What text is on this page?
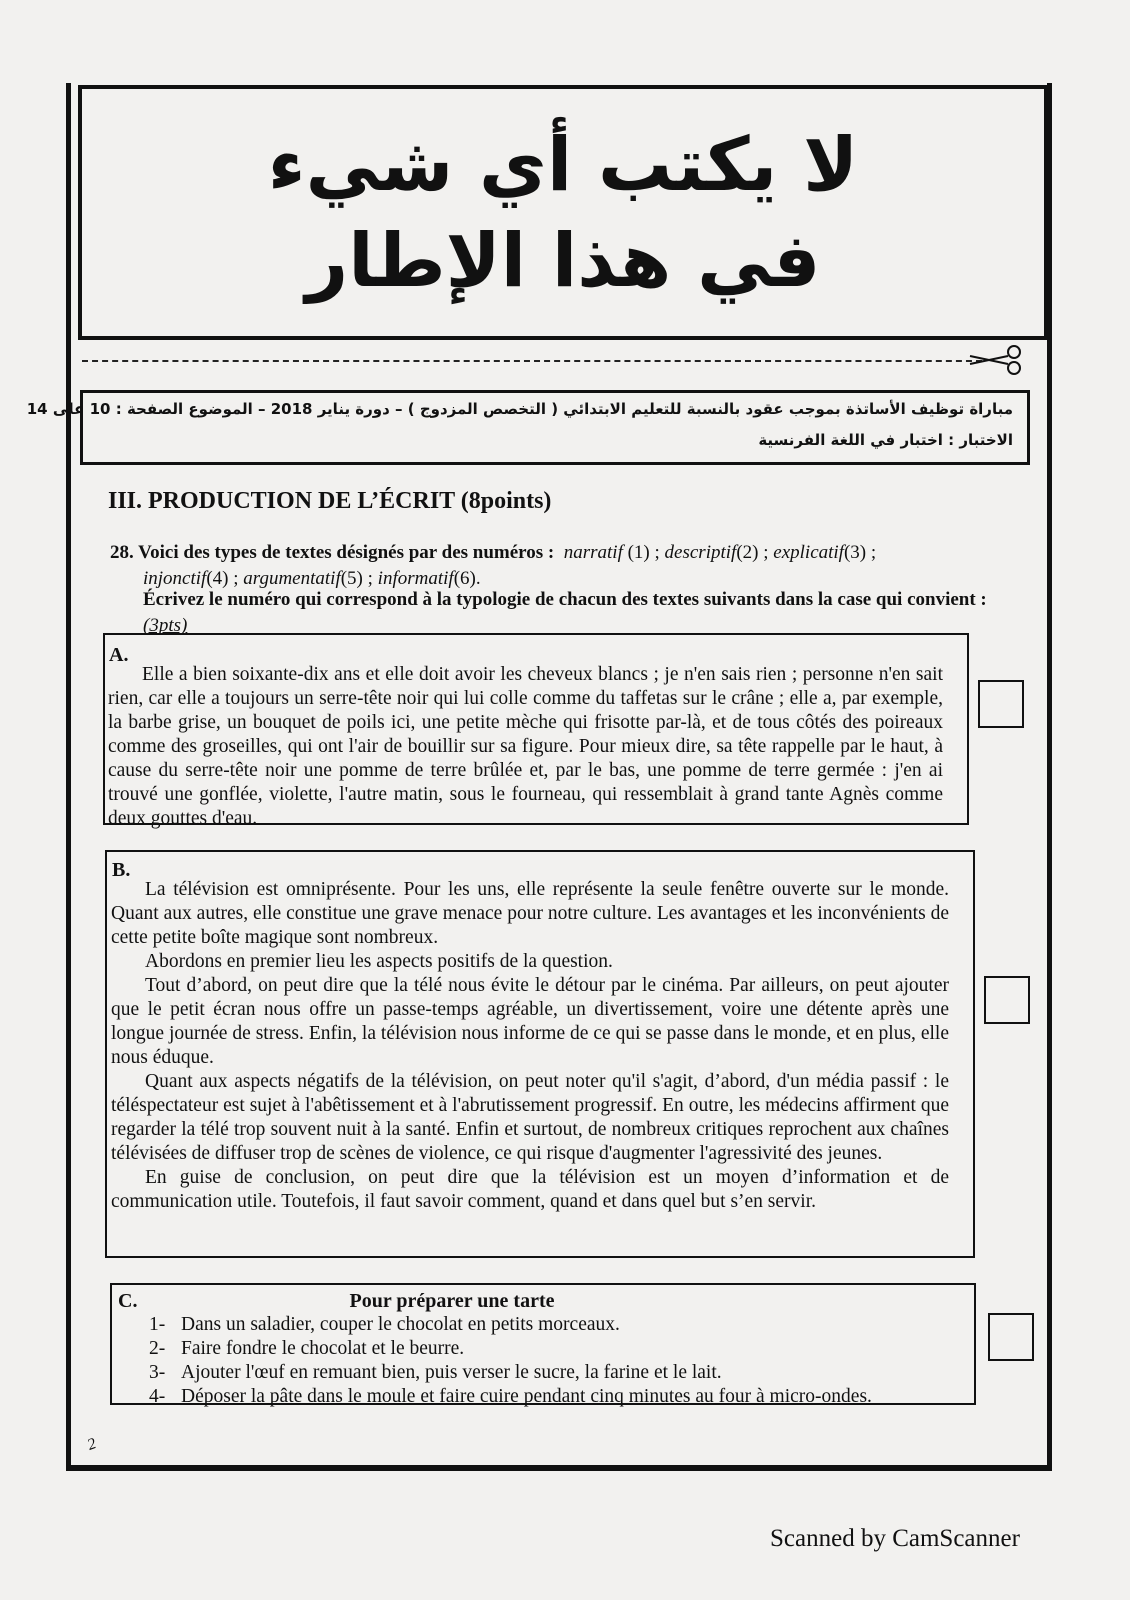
لا يكتب أي شيء
في هذا الإطار
مباراة توظيف الأساتذة بموجب عقود بالنسبة للتعليم الابتدائي ( التخصص المزدوج ) – دورة يناير 2018 – الموضوع الصفحة : 10 على 14
الاختبار : اختبار في اللغة الفرنسية
III. PRODUCTION DE L’ÉCRIT (8points)
28. Voici des types de textes désignés par des numéros : narratif (1) ; descriptif(2) ; explicatif(3) ;
injonctif(4) ; argumentatif(5) ; informatif(6).
Écrivez le numéro qui correspond à la typologie de chacun des textes suivants dans la case qui convient :  (3pts)
A.
Elle a bien soixante-dix ans et elle doit avoir les cheveux blancs ; je n'en sais rien ; personne n'en sait rien, car elle a toujours un serre-tête noir qui lui colle comme du taffetas sur le crâne ; elle a, par exemple, la barbe grise, un bouquet de poils ici, une petite mèche qui frisotte par-là, et de tous côtés des poireaux comme des groseilles, qui ont l'air de bouillir sur sa figure. Pour mieux dire, sa tête rappelle par le haut, à cause du serre-tête noir une pomme de terre brûlée et, par le bas, une pomme de terre germée : j'en ai trouvé une gonflée, violette, l'autre matin, sous le fourneau, qui ressemblait à grand tante Agnès comme deux gouttes d'eau.
B.
La télévision est omniprésente. Pour les uns, elle représente la seule fenêtre ouverte sur le monde. Quant aux autres, elle constitue une grave menace pour notre culture. Les avantages et les inconvénients de cette petite boîte magique sont nombreux.
Abordons en premier lieu les aspects positifs de la question.
Tout d’abord, on peut dire que la télé nous évite le détour par le cinéma. Par ailleurs, on peut ajouter que le petit écran nous offre un passe-temps agréable, un divertissement, voire une détente après une longue journée de stress. Enfin, la télévision nous informe de ce qui se passe dans le monde, et en plus, elle nous éduque.
Quant aux aspects négatifs de la télévision, on peut noter qu'il s'agit, d’abord, d'un média passif : le téléspectateur est sujet à l'abêtissement et à l'abrutissement progressif. En outre, les médecins affirment que regarder la télé trop souvent nuit à la santé. Enfin et surtout, de nombreux critiques reprochent aux chaînes télévisées de diffuser trop de scènes de violence, ce qui risque d'augmenter l'agressivité des jeunes.
En guise de conclusion, on peut dire que la télévision est un moyen d’information et de communication utile. Toutefois, il faut savoir comment, quand et dans quel but s’en servir.
C.	Pour préparer une tarte
1- Dans un saladier, couper le chocolat en petits morceaux.
2- Faire fondre le chocolat et le beurre.
3- Ajouter l'œuf en remuant bien, puis verser le sucre, la farine et le lait.
4- Déposer la pâte dans le moule et faire cuire pendant cinq minutes au four à micro-ondes.
2
Scanned by CamScanner
